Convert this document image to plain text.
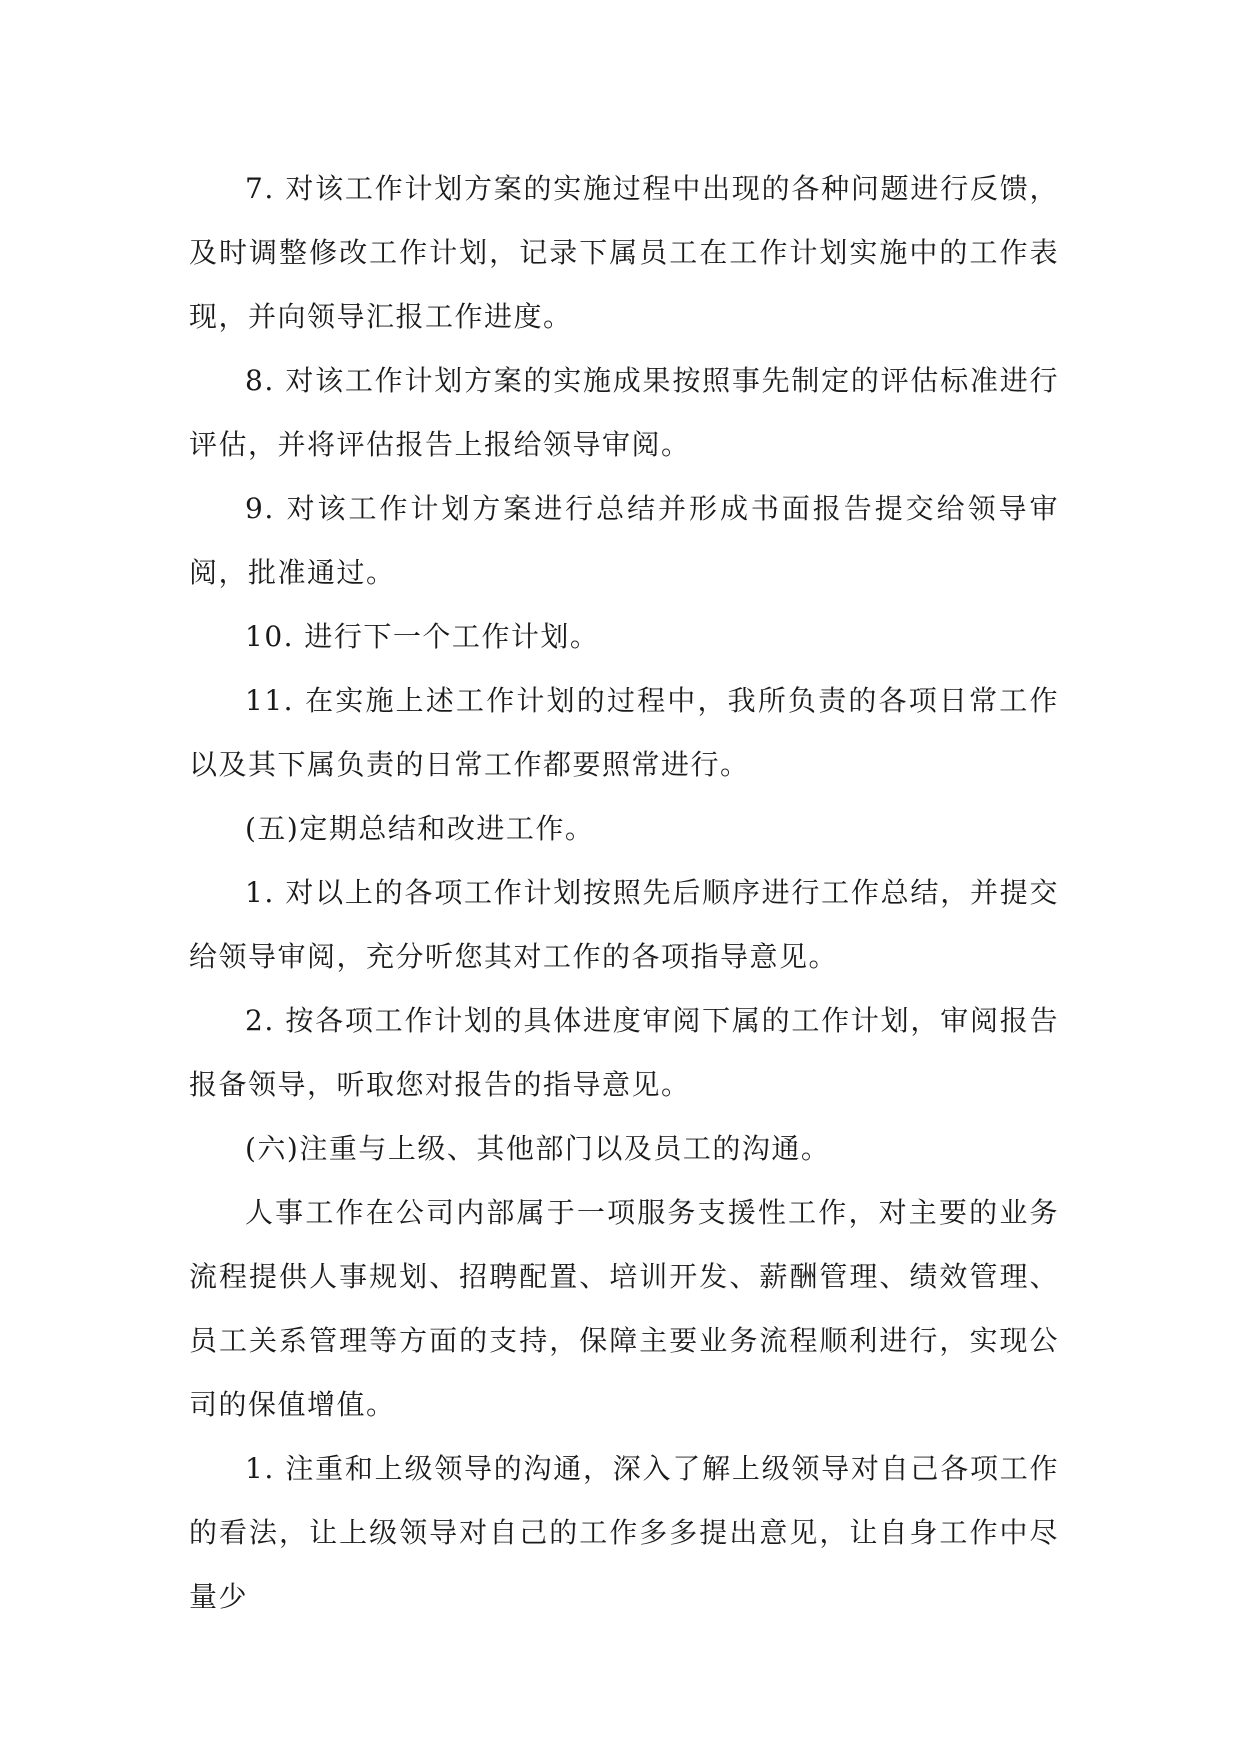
7. 对该工作计划方案的实施过程中出现的各种问题进行反馈，及时调整修改工作计划，记录下属员工在工作计划实施中的工作表现，并向领导汇报工作进度。

8. 对该工作计划方案的实施成果按照事先制定的评估标准进行评估，并将评估报告上报给领导审阅。

9. 对该工作计划方案进行总结并形成书面报告提交给领导审阅，批准通过。

10. 进行下一个工作计划。

11. 在实施上述工作计划的过程中，我所负责的各项日常工作以及其下属负责的日常工作都要照常进行。

(五)定期总结和改进工作。

1. 对以上的各项工作计划按照先后顺序进行工作总结，并提交给领导审阅，充分听您其对工作的各项指导意见。

2. 按各项工作计划的具体进度审阅下属的工作计划，审阅报告报备领导，听取您对报告的指导意见。

(六)注重与上级、其他部门以及员工的沟通。

人事工作在公司内部属于一项服务支援性工作，对主要的业务流程提供人事规划、招聘配置、培训开发、薪酬管理、绩效管理、员工关系管理等方面的支持，保障主要业务流程顺利进行，实现公司的保值增值。

1. 注重和上级领导的沟通，深入了解上级领导对自己各项工作的看法，让上级领导对自己的工作多多提出意见，让自身工作中尽量少
